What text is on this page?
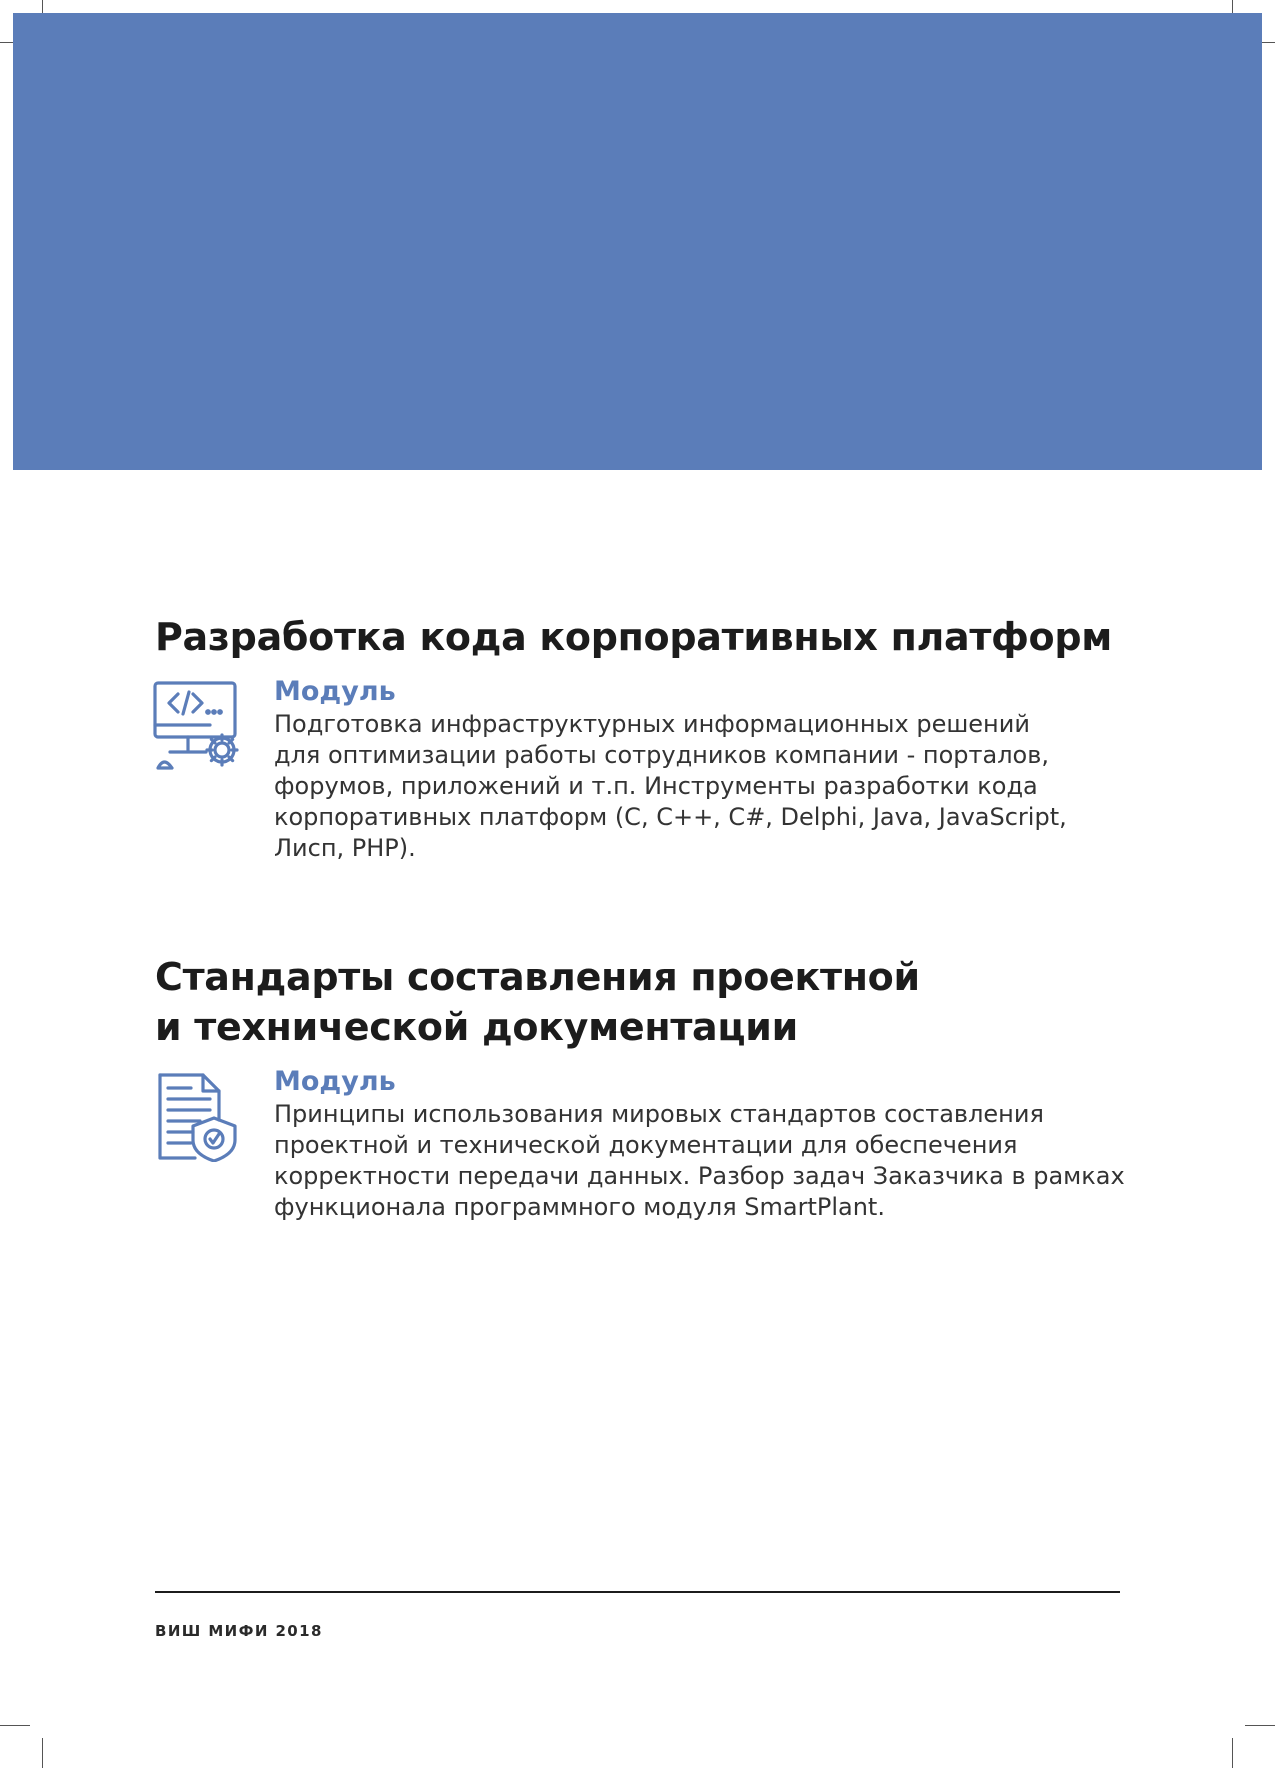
Разработка кода корпоративных платформ
Модуль
Подготовка инфраструктурных информационных решений
для оптимизации работы сотрудников компании - порталов,
форумов, приложений и т.п. Инструменты разработки кода
корпоративных платформ (C, C++, C#, Delphi, Java, JavaScript,
Лисп, PHP).
Стандарты составления проектной
и технической документации
Модуль
Принципы использования мировых стандартов составления
проектной и технической документации для обеспечения
корректности передачи данных. Разбор задач Заказчика в рамках
функционала программного модуля SmartPlant.
ВИШ МИФИ 2018
